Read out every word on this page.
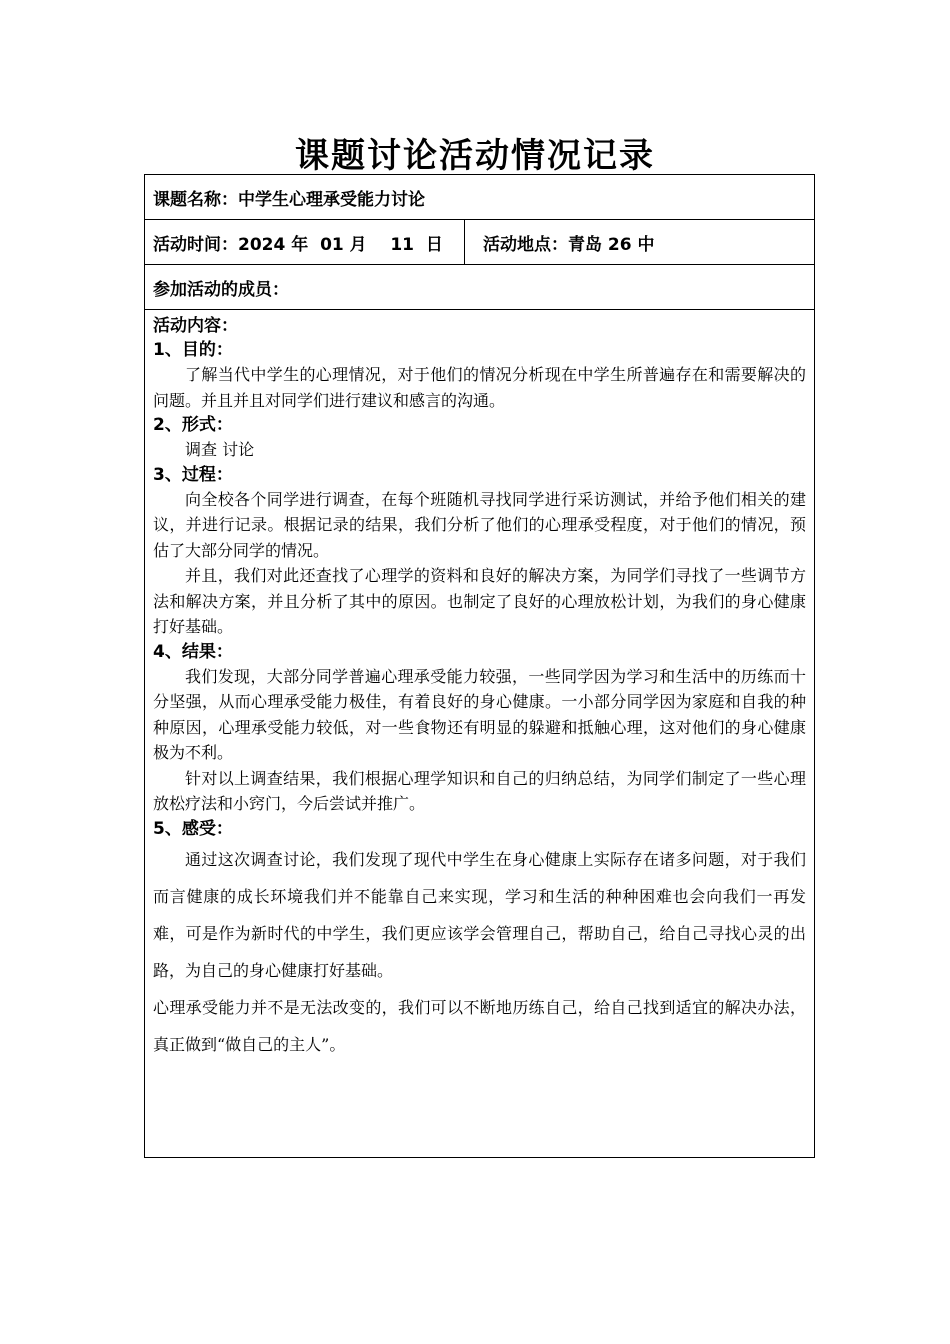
课题讨论活动情况记录
课题名称：中学生心理承受能力讨论
活动时间：2024 年  01 月    11  日	活动地点：青岛 26 中
参加活动的成员：

活动内容：
1、目的：

了解当代中学生的心理情况，对于他们的情况分析现在中学生所普遍存在和需要解决的问题。并且并且对同学们进行建议和感言的沟通。

2、形式：

调查 讨论

3、过程：

向全校各个同学进行调查，在每个班随机寻找同学进行采访测试，并给予他们相关的建议，并进行记录。根据记录的结果，我们分析了他们的心理承受程度，对于他们的情况，预估了大部分同学的情况。

并且，我们对此还查找了心理学的资料和良好的解决方案，为同学们寻找了一些调节方法和解决方案，并且分析了其中的原因。也制定了良好的心理放松计划，为我们的身心健康打好基础。

4、结果：

我们发现，大部分同学普遍心理承受能力较强，一些同学因为学习和生活中的历练而十分坚强，从而心理承受能力极佳，有着良好的身心健康。一小部分同学因为家庭和自我的种种原因，心理承受能力较低，对一些食物还有明显的躲避和抵触心理，这对他们的身心健康极为不利。

针对以上调查结果，我们根据心理学知识和自己的归纳总结，为同学们制定了一些心理放松疗法和小窍门，今后尝试并推广。

5、感受：

通过这次调查讨论，我们发现了现代中学生在身心健康上实际存在诸多问题，对于我们而言健康的成长环境我们并不能靠自己来实现，学习和生活的种种困难也会向我们一再发难，可是作为新时代的中学生，我们更应该学会管理自己，帮助自己，给自己寻找心灵的出路，为自己的身心健康打好基础。

心理承受能力并不是无法改变的，我们可以不断地历练自己，给自己找到适宜的解决办法，真正做到“做自己的主人”。
